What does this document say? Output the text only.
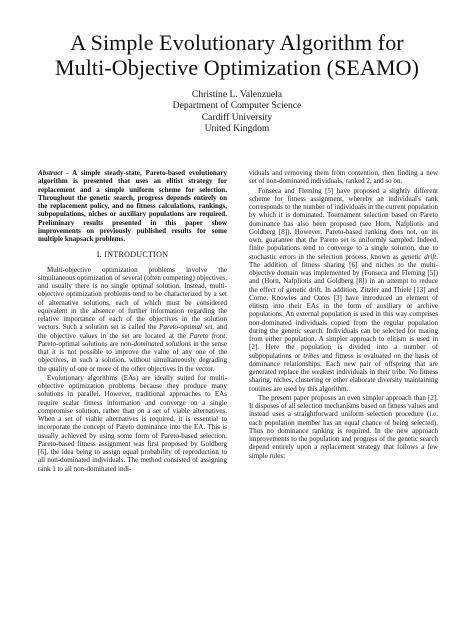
A Simple Evolutionary Algorithm for
Multi-Objective Optimization (SEAMO)
Christine L. Valenzuela
Department of Computer Science
Cardiff University
United Kingdom

Abstract - A simple steady-state, Pareto-based evolutionary algorithm is presented that uses an elitist strategy for replacement and a simple uniform scheme for selection. Throughout the genetic search, progress depends entirely on the replacement policy, and no fitness calculations, rankings, subpopulations, niches or auxiliary populations are required. Preliminary results presented in this paper show improvements on previously published results for some multiple knapsack problems.

I. INTRODUCTION

Multi-objective optimization problems involve the simultaneous optimization of several (often competing) objectives, and usually there is no single optimal solution. Instead, multi-objective optimization problems tend to be characterized by a set of alternative solutions, each of which must be considered equivalent in the absence of further information regarding the relative importance of each of the objectives in the solution vectors. Such a solution set is called the Pareto-optimal set, and the objective values in the set are located at the Pareto front. Pareto-optimal solutions are non-dominated solutions in the sense that it is not possible to improve the value of any one of the objectives, in such a solution, without simultaneously degrading the quality of one or more of the other objectives in the vector.

Evolutionary algorithms (EAs) are ideally suited for multi-objective optimization problems because they produce many solutions in parallel. However, traditional approaches to EAs require scalar fitness information and converge on a single compromise solution, rather than on a set of viable alternatives. When a set of viable alternatives is required, it is essential to incorporate the concept of Pareto dominance into the EA. This is usually achieved by using some form of Pareto-based selection. Pareto-based fitness assignment was first proposed by Goldberg [6], the idea being to assign equal probability of reproduction to all non-dominated individuals. The method consisted of assigning rank 1 to all non-dominated indi-

viduals and removing them from contention, then finding a new set of non-dominated individuals, ranked 2, and so on.

Fonseca and Fleming [5] have proposed a slightly different scheme for fitness assignment, whereby an individual's rank corresponds to the number of individuals in the current population by which it is dominated. Tournament selection based on Pareto dominance has also been proposed (see Horn, Nafpliotis and Goldberg [8]). However, Pareto-based ranking does not, on its own, guarantee that the Pareto set is uniformly sampled. Indeed, finite populations tend to converge to a single solution, due to stochastic errors in the selection process, known as genetic drift. The addition of fitness sharing [6] and niches to the multi-objective domain was implemented by (Fonseca and Fleming [5]) and (Horn, Nafpliotis and Goldberg [8]) in an attempt to reduce the effect of genetic drift. In addition, Zitzler and Thiele [13] and Corne, Knowles and Oates [3] have introduced an element of elitism into their EAs in the form of auxiliary or archive populations. An external population is used in this way comprises non-dominated individuals copied from the regular population during the genetic search. Individuals can be selected for mating from either population. A simpler approach to elitism is used in [2]. Here the population is divided into a number of subpopulations or tribes and fitness is evaluated on the basis of dominance relationships. Each new pair of offspring that are generated replace the weakest individuals in their tribe. No fitness sharing, niches, clustering or other elaborate diversity maintaining routines are used by this algorithm.

The present paper proposes an even simpler approach than [2]. It disposes of all selection mechanisms based on fitness values and instead uses a straightforward uniform selection procedure (i.e. each population member has an equal chance of being selected). Thus no dominance ranking is required. In the new approach improvements to the population and progress of the genetic search depend entirely upon a replacement strategy that follows a few simple rules:
